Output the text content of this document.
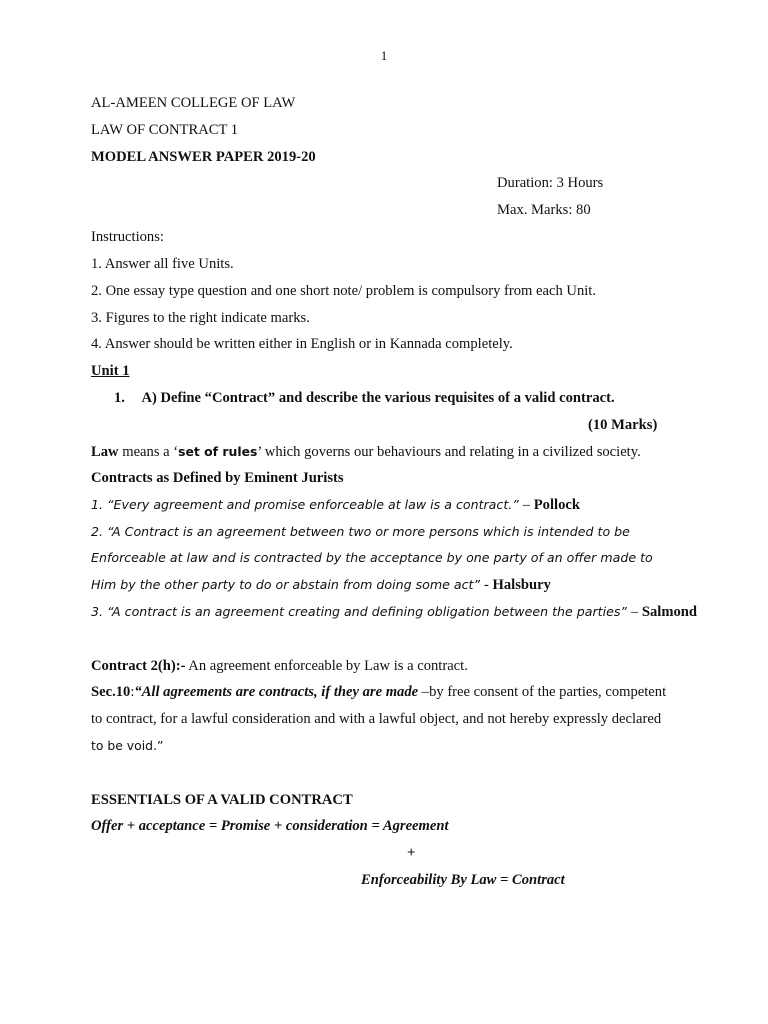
1
AL-AMEEN COLLEGE OF LAW
LAW OF CONTRACT 1
MODEL ANSWER PAPER 2019-20
Duration: 3 Hours
Max. Marks: 80
Instructions:
1. Answer all five Units.
2. One essay type question and one short note/ problem is compulsory from each Unit.
3. Figures to the right indicate marks.
4. Answer should be written either in English or in Kannada completely.
Unit 1
1. A) Define “Contract” and describe the various requisites of a valid contract.
(10 Marks)
Law means a ‘set of rules’ which governs our behaviours and relating in a civilized society.
Contracts as Defined by Eminent Jurists
1. “Every agreement and promise enforceable at law is a contract.” – Pollock
2. “A Contract is an agreement between two or more persons which is intended to be
Enforceable at law and is contracted by the acceptance by one party of an offer made to
Him by the other party to do or abstain from doing some act” - Halsbury
3. “A contract is an agreement creating and defining obligation between the parties” – Salmond
Contract 2(h):- An agreement enforceable by Law is a contract.
Sec.10:“All agreements are contracts, if they are made –by free consent of the parties, competent
to contract, for a lawful consideration and with a lawful object, and not hereby expressly declared
to be void.”
ESSENTIALS OF A VALID CONTRACT
Offer + acceptance = Promise + consideration = Agreement
+
Enforceability By Law = Contract
